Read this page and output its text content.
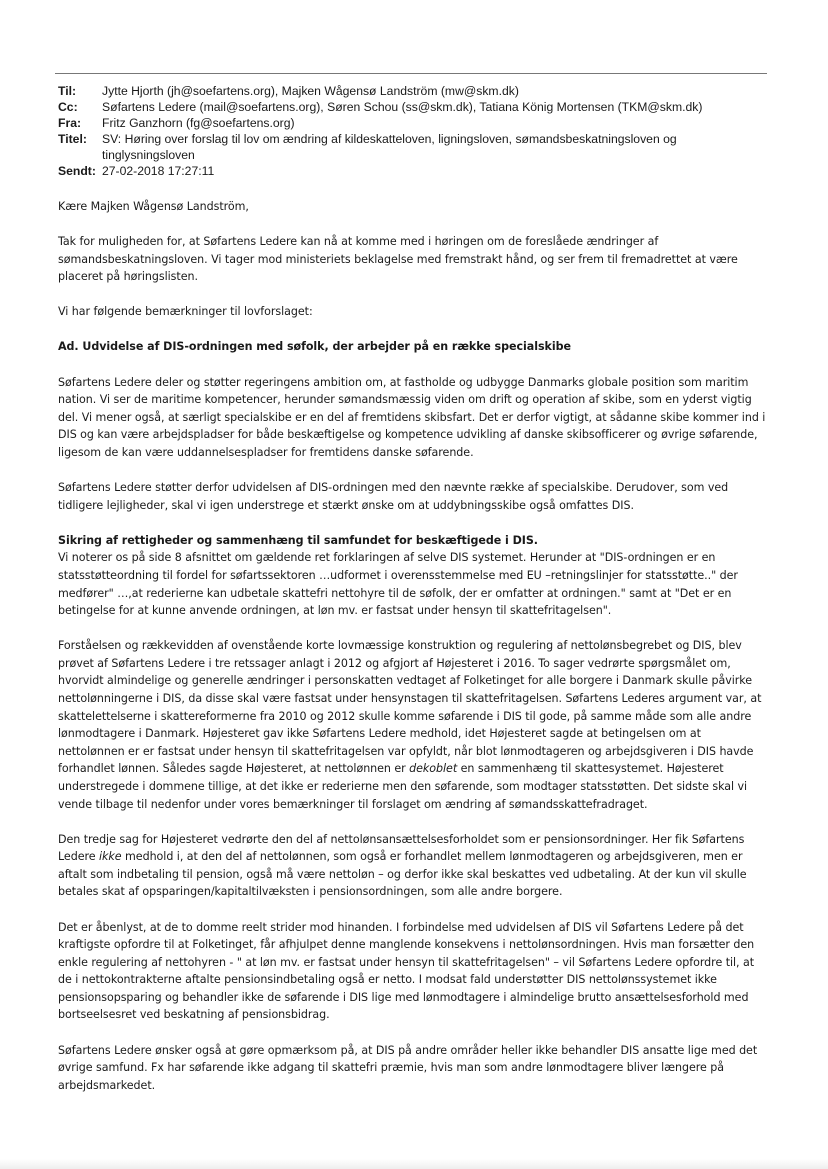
Til:	Jytte Hjorth (jh@soefartens.org), Majken Wågensø Landström (mw@skm.dk)
Cc:	Søfartens Ledere (mail@soefartens.org), Søren Schou (ss@skm.dk), Tatiana König Mortensen (TKM@skm.dk)
Fra:	Fritz Ganzhorn (fg@soefartens.org)
Titel:	SV: Høring over forslag til lov om ændring af kildeskatteloven, ligningsloven, sømandsbeskatningsloven og tinglysningsloven
Sendt: 27-02-2018 17:27:11

Kære Majken Wågensø Landström,

Tak for muligheden for, at Søfartens Ledere kan nå at komme med i høringen om de foreslåede ændringer af sømandsbeskatningsloven. Vi tager mod ministeriets beklagelse med fremstrakt hånd, og ser frem til fremadrettet at være placeret på høringslisten.

Vi har følgende bemærkninger til lovforslaget:

Ad. Udvidelse af DIS-ordningen med søfolk, der arbejder på en række specialskibe

Søfartens Ledere deler og støtter regeringens ambition om, at fastholde og udbygge Danmarks globale position som maritim nation. Vi ser de maritime kompetencer, herunder sømandsmæssig viden om drift og operation af skibe, som en yderst vigtig del. Vi mener også, at særligt specialskibe er en del af fremtidens skibsfart. Det er derfor vigtigt, at sådanne skibe kommer ind i DIS og kan være arbejdspladser for både beskæftigelse og kompetence udvikling af danske skibsofficerer og øvrige søfarende, ligesom de kan være uddannelsespladser for fremtidens danske søfarende.

Søfartens Ledere støtter derfor udvidelsen af DIS-ordningen med den nævnte række af specialskibe. Derudover, som ved tidligere lejligheder, skal vi igen understrege et stærkt ønske om at uddybningsskibe også omfattes DIS.

Sikring af rettigheder og sammenhæng til samfundet for beskæftigede i DIS.

Vi noterer os på side 8 afsnittet om gældende ret forklaringen af selve DIS systemet. Herunder at "DIS-ordningen er en statsstøtteordning til fordel for søfartssektoren …udformet i overensstemmelse med EU –retningslinjer for statsstøtte.." der medfører" …,at rederierne kan udbetale skattefri nettohyre til de søfolk, der er omfatter at ordningen." samt at "Det er en betingelse for at kunne anvende ordningen, at løn mv. er fastsat under hensyn til skattefritagelsen".

Forståelsen og rækkevidden af ovenstående korte lovmæssige konstruktion og regulering af nettolønsbegrebet og DIS, blev prøvet af Søfartens Ledere i tre retssager anlagt i 2012 og afgjort af Højesteret i 2016. To sager vedrørte spørgsmålet om, hvorvidt almindelige og generelle ændringer i personskatten vedtaget af Folketinget for alle borgere i Danmark skulle påvirke nettolønningerne i DIS, da disse skal være fastsat under hensynstagen til skattefritagelsen. Søfartens Lederes argument var, at skattelettelserne i skattereformerne fra 2010 og 2012 skulle komme søfarende i DIS til gode, på samme måde som alle andre lønmodtagere i Danmark. Højesteret gav ikke Søfartens Ledere medhold, idet Højesteret sagde at betingelsen om at nettolønnen er er fastsat under hensyn til skattefritagelsen var opfyldt, når blot lønmodtageren og arbejdsgiveren i DIS havde forhandlet lønnen. Således sagde Højesteret, at nettolønnen er dekoblet en sammenhæng til skattesystemet. Højesteret understregede i dommene tillige, at det ikke er rederierne men den søfarende, som modtager statsstøtten. Det sidste skal vi vende tilbage til nedenfor under vores bemærkninger til forslaget om ændring af sømandsskattefradraget.

Den tredje sag for Højesteret vedrørte den del af nettolønsansættelsesforholdet som er pensionsordninger. Her fik Søfartens Ledere ikke medhold i, at den del af nettolønnen, som også er forhandlet mellem lønmodtageren og arbejdsgiveren, men er aftalt som indbetaling til pension, også må være nettoløn – og derfor ikke skal beskattes ved udbetaling. At der kun vil skulle betales skat af opsparingen/kapitaltilvæksten i pensionsordningen, som alle andre borgere.

Det er åbenlyst, at de to domme reelt strider mod hinanden. I forbindelse med udvidelsen af DIS vil Søfartens Ledere på det kraftigste opfordre til at Folketinget, får afhjulpet denne manglende konsekvens i nettolønsordningen. Hvis man forsætter den enkle regulering af nettohyren - " at løn mv. er fastsat under hensyn til skattefritagelsen" – vil Søfartens Ledere opfordre til, at de i nettokontrakterne aftalte pensionsindbetaling også er netto. I modsat fald understøtter DIS nettolønssystemet ikke pensionsopsparing og behandler ikke de søfarende i DIS lige med lønmodtagere i almindelige brutto ansættelsesforhold med bortseelsesret ved beskatning af pensionsbidrag.

Søfartens Ledere ønsker også at gøre opmærksom på, at DIS på andre områder heller ikke behandler DIS ansatte lige med det øvrige samfund. Fx har søfarende ikke adgang til skattefri præmie, hvis man som andre lønmodtagere bliver længere på arbejdsmarkedet.
